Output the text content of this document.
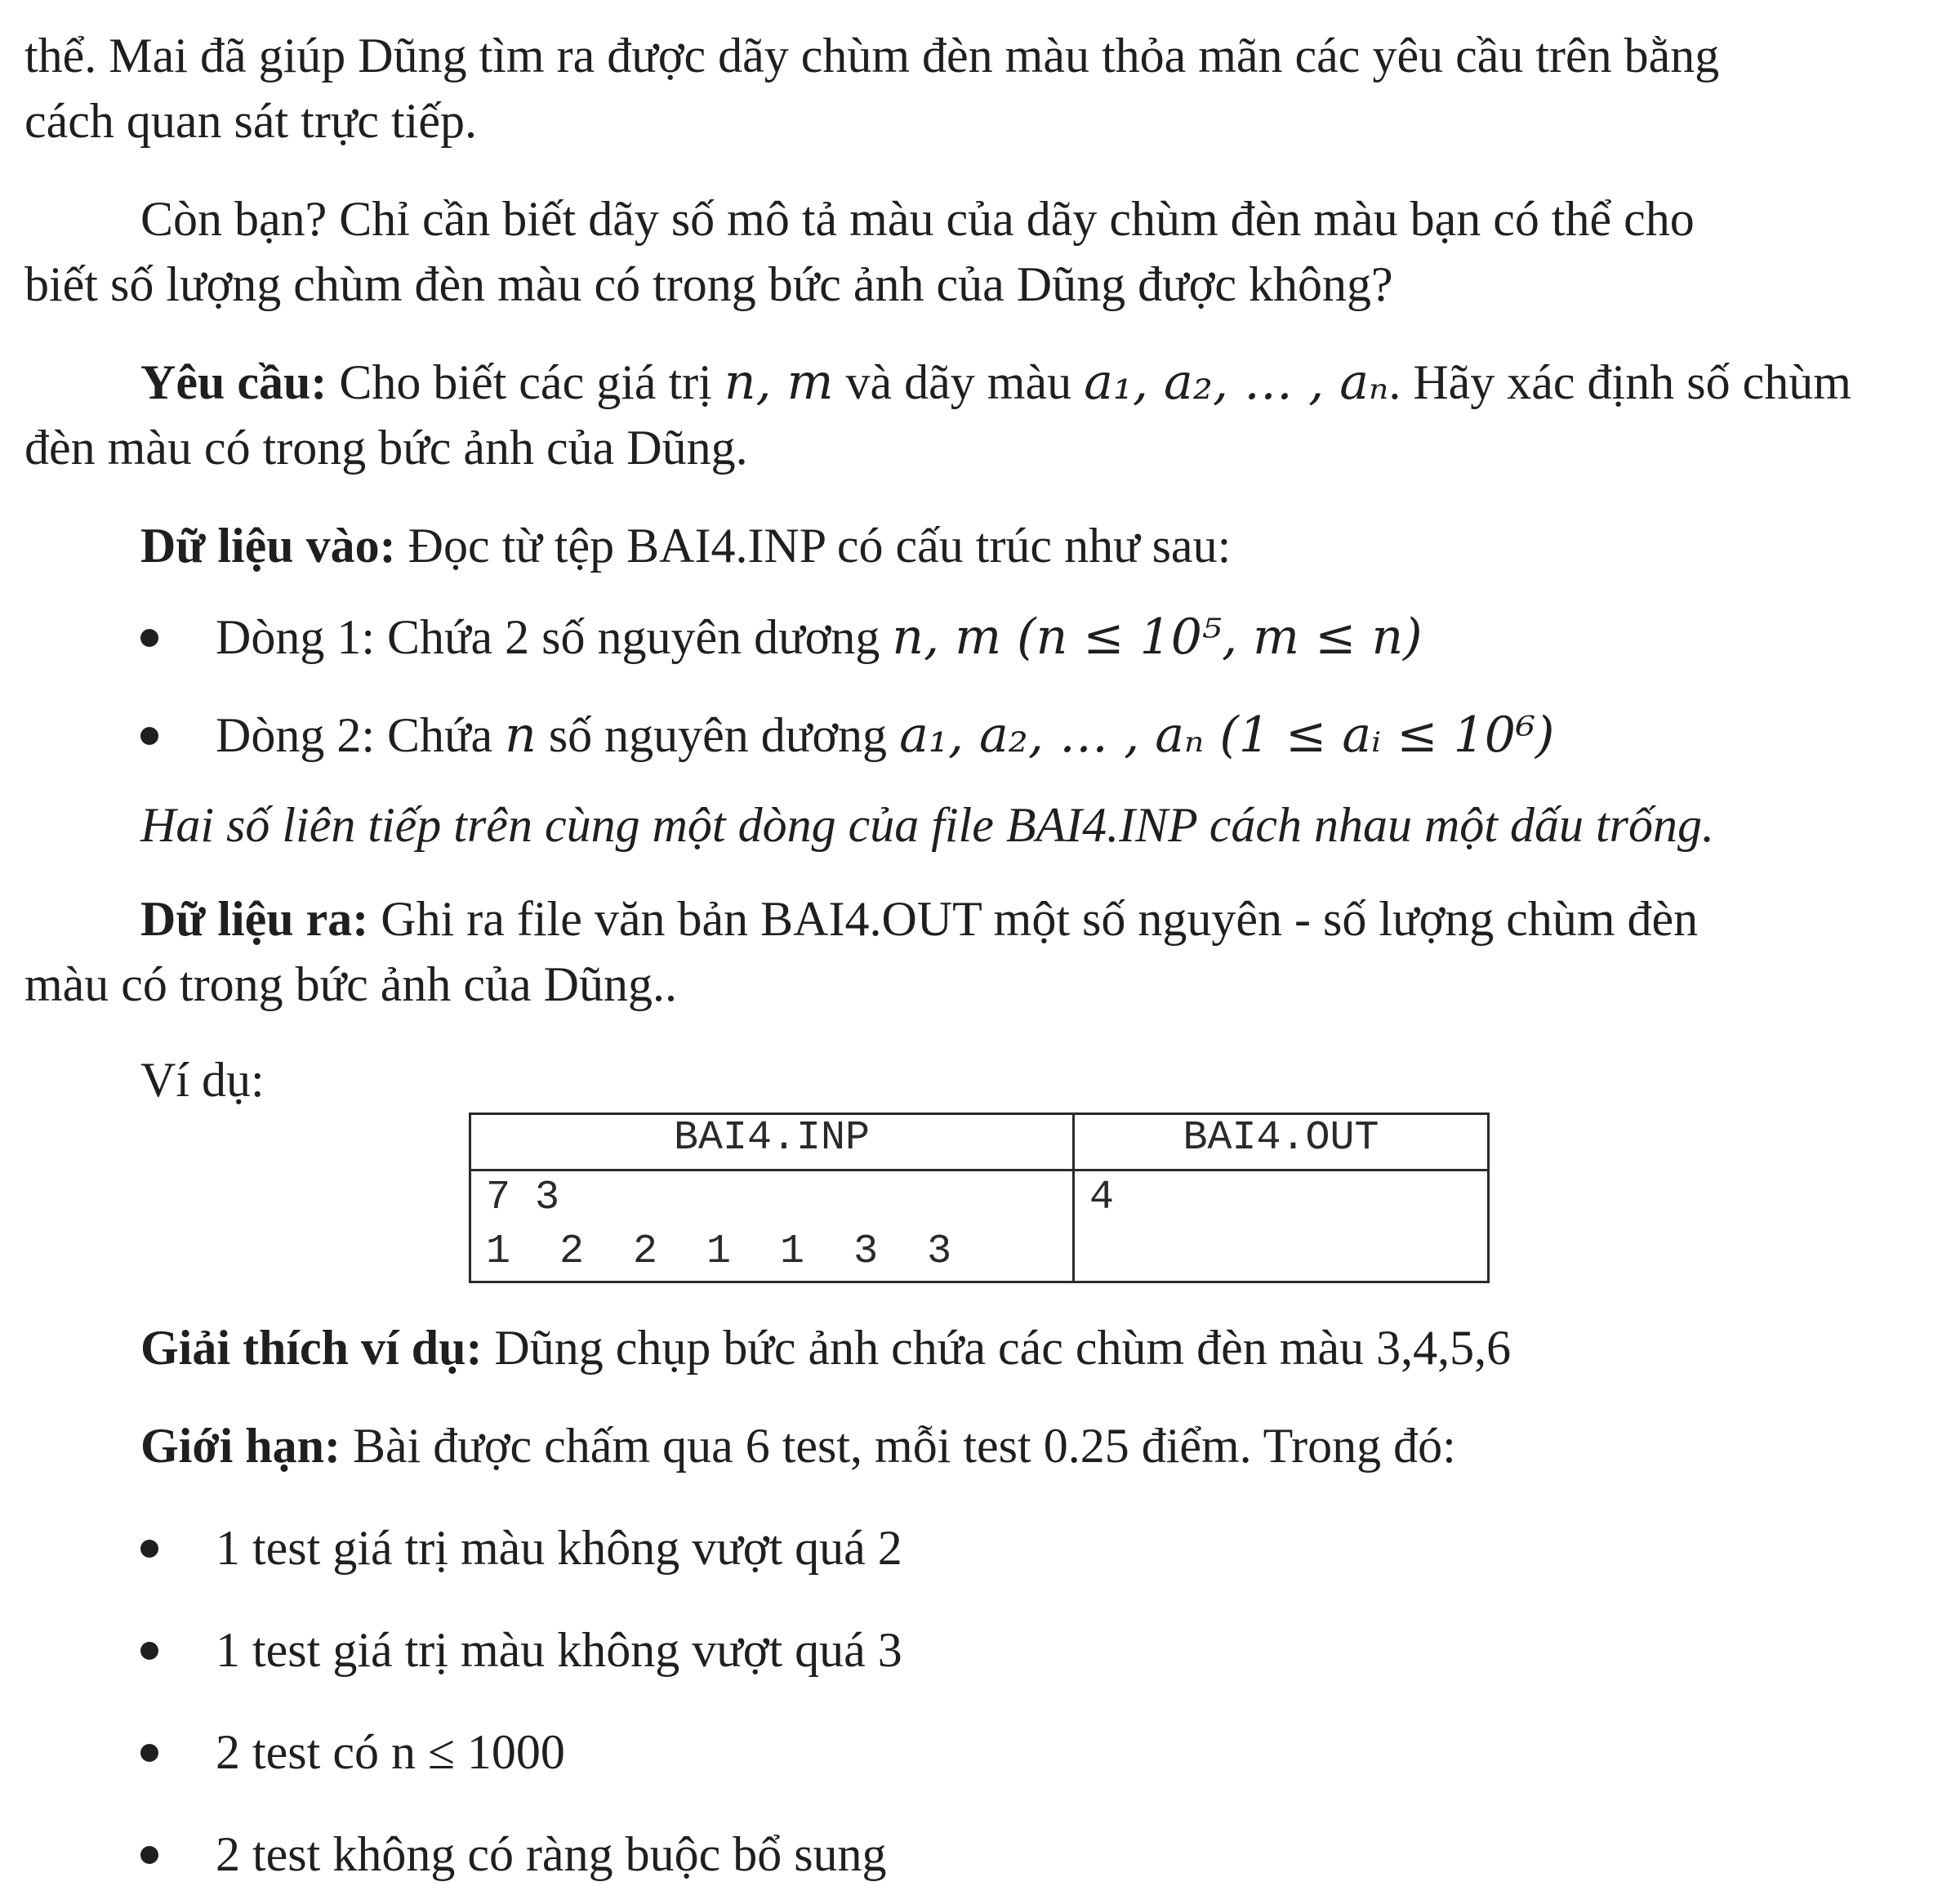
thể. Mai đã giúp Dũng tìm ra được dãy chùm đèn màu thỏa mãn các yêu cầu trên bằng
cách quan sát trực tiếp.
Còn bạn? Chỉ cần biết dãy số mô tả màu của dãy chùm đèn màu bạn có thể cho
biết số lượng chùm đèn màu có trong bức ảnh của Dũng được không?
Yêu cầu: Cho biết các giá trị n, m và dãy màu a₁, a₂, … , aₙ. Hãy xác định số chùm
đèn màu có trong bức ảnh của Dũng.
Dữ liệu vào: Đọc từ tệp BAI4.INP có cấu trúc như sau:
Dòng 1: Chứa 2 số nguyên dương n, m (n ≤ 10⁵, m ≤ n)
Dòng 2: Chứa n số nguyên dương a₁, a₂, … , aₙ (1 ≤ aᵢ ≤ 10⁶)
Hai số liên tiếp trên cùng một dòng của file BAI4.INP cách nhau một dấu trống.
Dữ liệu ra: Ghi ra file văn bản BAI4.OUT một số nguyên - số lượng chùm đèn
màu có trong bức ảnh của Dũng..
Ví dụ:
BAI4.INP	BAI4.OUT
7 3
1  2  2  1  1  3  3	4
Giải thích ví dụ: Dũng chụp bức ảnh chứa các chùm đèn màu 3,4,5,6
Giới hạn: Bài được chấm qua 6 test, mỗi test 0.25 điểm. Trong đó:
1 test giá trị màu không vượt quá 2
1 test giá trị màu không vượt quá 3
2 test có n ≤ 1000
2 test không có ràng buộc bổ sung
